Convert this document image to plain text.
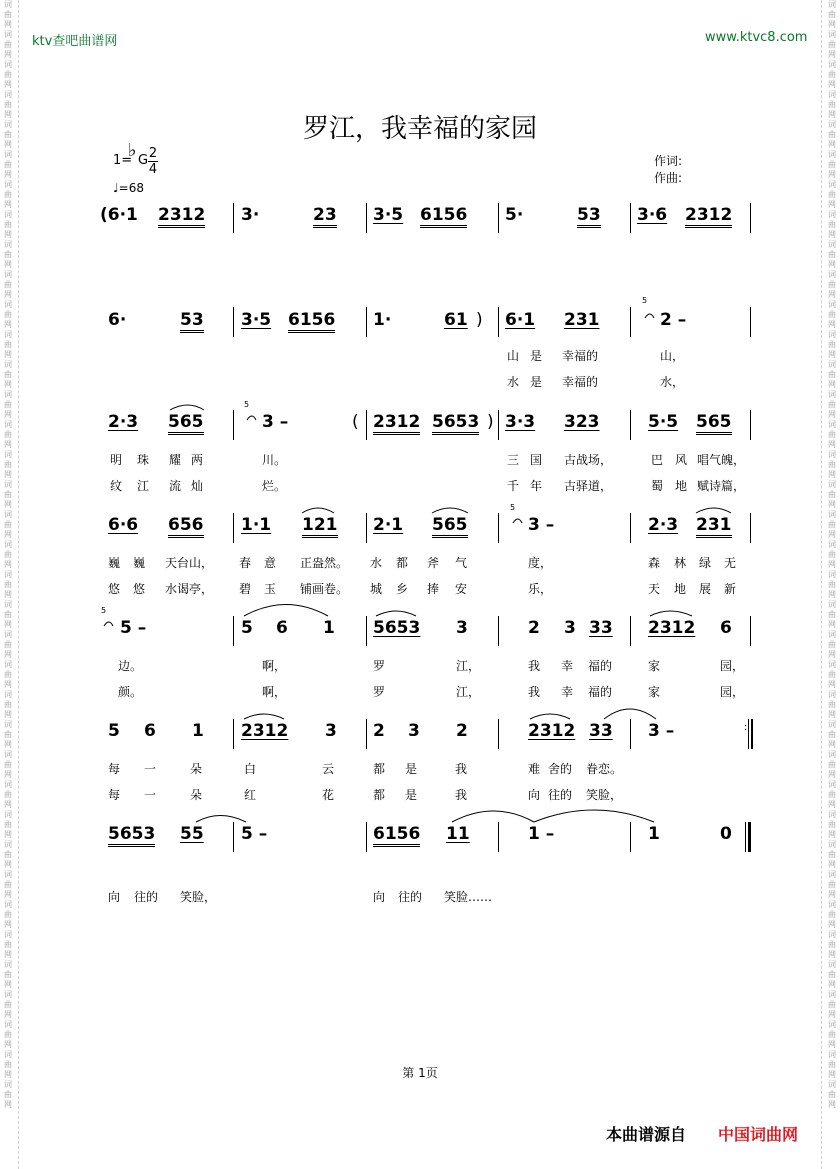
词曲网词曲网词曲网词曲网词曲网词曲网词曲网词曲网词曲网词曲网词曲网词曲网词曲网词曲网词曲网词曲网词曲网词曲网词曲网词曲网词曲网词曲网词曲网词曲网词曲网词曲网词曲网词曲网词曲网词曲网词曲网词曲网词曲网词曲网词曲网词曲网词曲网
词曲网词曲网词曲网词曲网词曲网词曲网词曲网词曲网词曲网词曲网词曲网词曲网词曲网词曲网词曲网词曲网词曲网词曲网词曲网词曲网词曲网词曲网词曲网词曲网词曲网词曲网词曲网词曲网词曲网词曲网词曲网词曲网词曲网词曲网词曲网词曲网词曲网
ktv查吧曲谱网	www.ktvc8.com
罗江，我幸福的家园
1=
♭ G 2
4
♩=68
作词:
作曲:
(6·1 2312 3·	23 3·5 6156 5·	53 3·6 2312
6·	53 3·5 6156 1·	61 ) 6·1 231
5
2 –
山 是 幸福的	山，
水 是 幸福的	水，
2·3 565
5
3 –	( 2312 5653 ) 3·3 323	5·5 565
明 珠 耀 两	川。	三 国 古战场，	巴 风 唱气魄，
纹 江 流 灿	烂。	千 年 古驿道，	蜀 地 赋诗篇，
6·6 656 1·1 121 2·1 565
5
3 –	2·3 231
巍 巍 天台山， 春 意 正盎然。 水 都 斧 气	度，	森 林 绿 无
悠 悠 水谒亭， 碧 玉 铺画卷。 城 乡 捧 安	乐，	天 地 展 新
5
5 –	5 6 1 5653 3	2 3 33 2312 6
边。	啊，	罗	江，	我 幸 福的	家	园，
颜。	啊，	罗	江，	我 幸 福的	家	园，
5 6 1 2312 3 2 3 2	2312 33 3 –	:
每 一	朵	白	云	都 是	我	难 舍的 眷恋。
每 一	朵	红	花	都 是	我	向 往的 笑脸，
5653 55 5 –	6156 11	1 –	1	0
向 往的 笑脸，	向 往的 笑脸……
第 1页
本曲谱源自 中国词曲网
